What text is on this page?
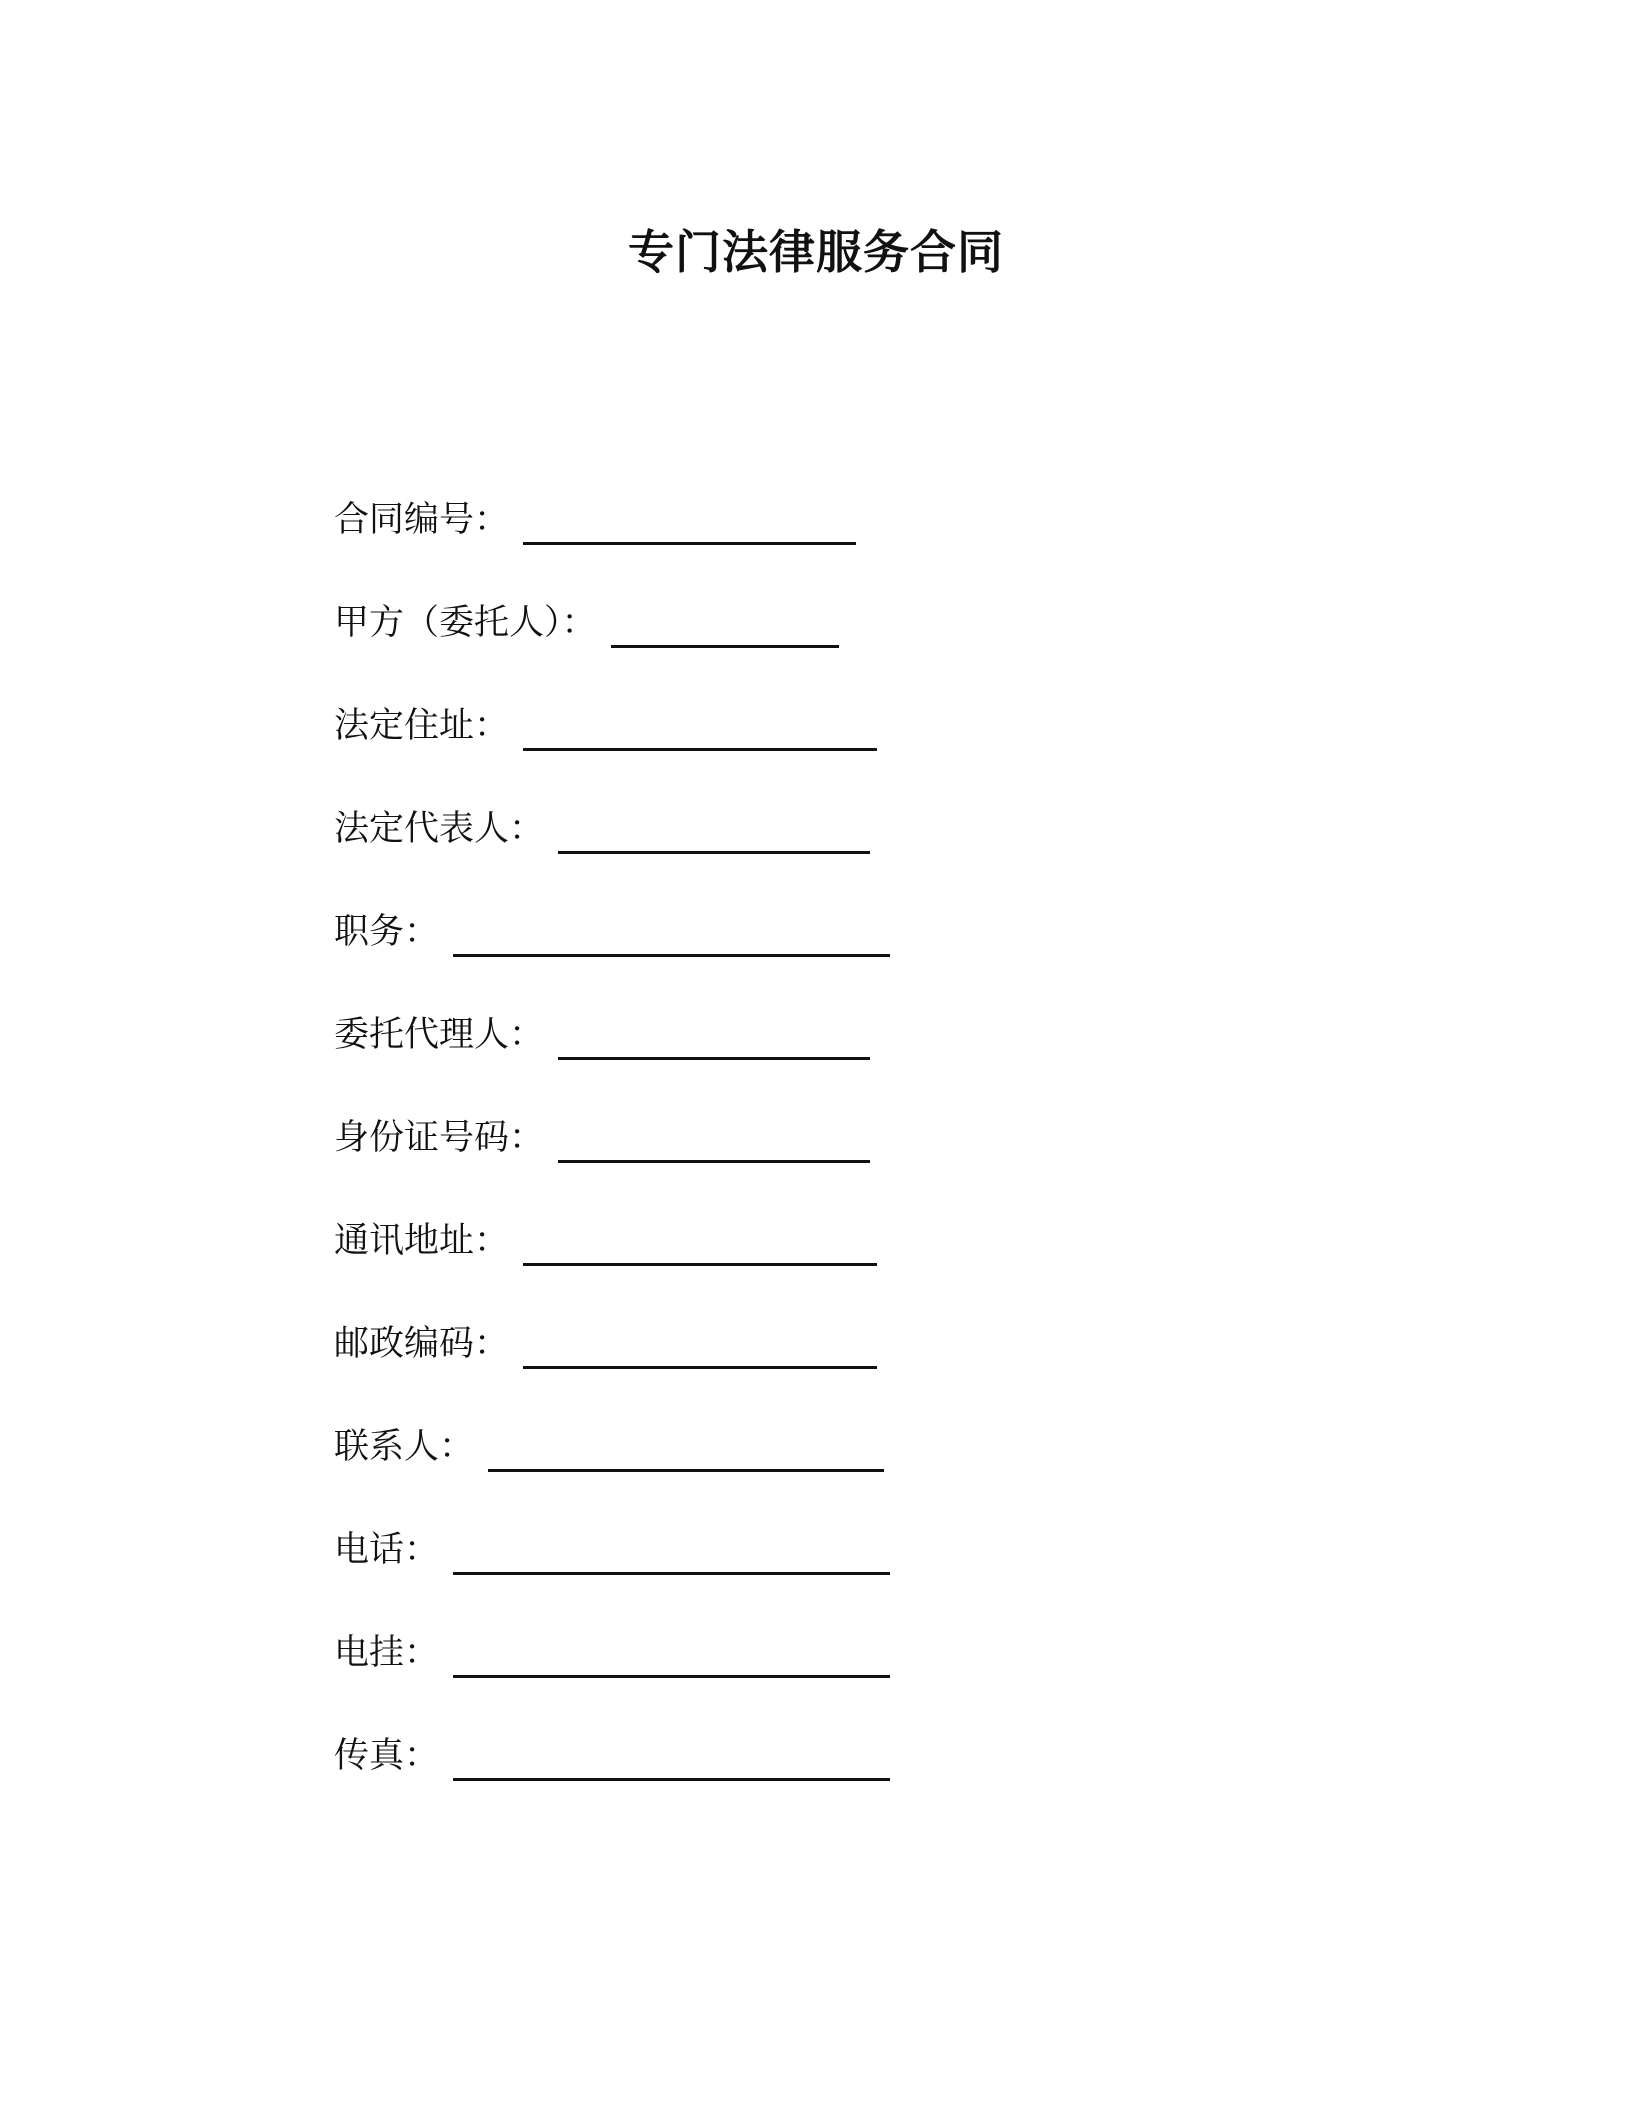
专门法律服务合同
合同编号：
甲方（委托人）：
法定住址：
法定代表人：
职务：
委托代理人：
身份证号码：
通讯地址：
邮政编码：
联系人：
电话：
电挂：
传真：
